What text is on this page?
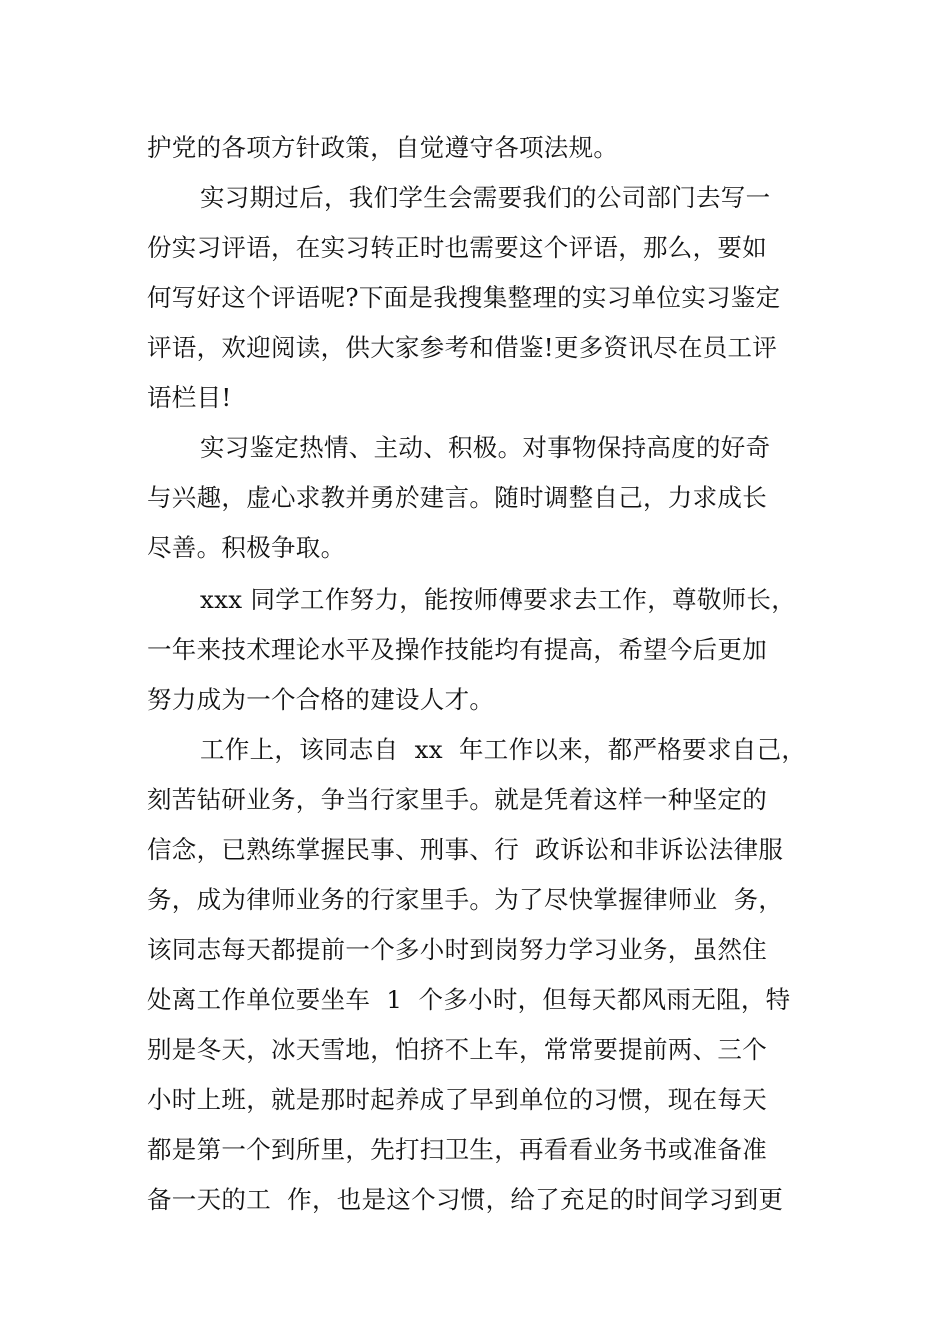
护党的各项方针政策，自觉遵守各项法规。
实习期过后，我们学生会需要我们的公司部门去写一
份实习评语，在实习转正时也需要这个评语，那么，要如
何写好这个评语呢?下面是我搜集整理的实习单位实习鉴定
评语，欢迎阅读，供大家参考和借鉴!更多资讯尽在员工评
语栏目!
实习鉴定热情、主动、积极。对事物保持高度的好奇
与兴趣，虚心求教并勇於建言。随时调整自己，力求成长
尽善。积极争取。
xxx 同学工作努力，能按师傅要求去工作，尊敬师长，
一年来技术理论水平及操作技能均有提高，希望今后更加
努力成为一个合格的建设人才。
工作上，该同志自  xx  年工作以来，都严格要求自己，
刻苦钻研业务，争当行家里手。就是凭着这样一种坚定的
信念，已熟练掌握民事、刑事、行  政诉讼和非诉讼法律服
务，成为律师业务的行家里手。为了尽快掌握律师业  务，
该同志每天都提前一个多小时到岗努力学习业务，虽然住
处离工作单位要坐车  1  个多小时，但每天都风雨无阻，特
别是冬天，冰天雪地，怕挤不上车，常常要提前两、三个
小时上班，就是那时起养成了早到单位的习惯，现在每天
都是第一个到所里，先打扫卫生，再看看业务书或准备准
备一天的工  作，也是这个习惯，给了充足的时间学习到更
